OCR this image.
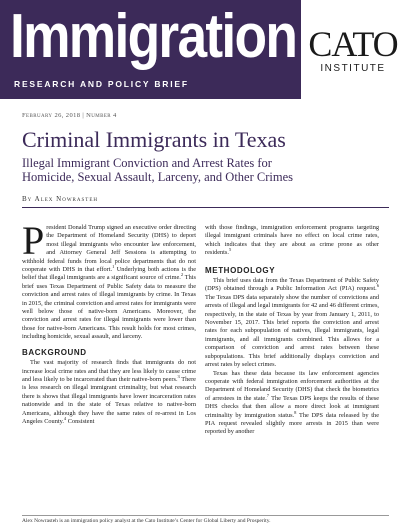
Immigration
RESEARCH AND POLICY BRIEF
CATO
INSTITUTE
February 26, 2018 | Number 4
Criminal Immigrants in Texas
Illegal Immigrant Conviction and Arrest Rates for Homicide, Sexual Assault, Larceny, and Other Crimes
By Alex Nowrasteh

President Donald Trump signed an executive order directing the Department of Homeland Security (DHS) to deport most illegal immigrants who encounter law enforcement, and Attorney General Jeff Sessions is attempting to withhold federal funds from local police departments that do not cooperate with DHS in that effort.$^1$ Underlying both actions is the belief that illegal immigrants are a significant source of crime.$^2$ This brief uses Texas Department of Public Safety data to measure the conviction and arrest rates of illegal immigrants by crime. In Texas in 2015, the criminal conviction and arrest rates for immigrants were well below those of native-born Americans. Moreover, the conviction and arrest rates for illegal immigrants were lower than those for native-born Americans. This result holds for most crimes, including homicide, sexual assault, and larceny.

BACKGROUND

The vast majority of research finds that immigrants do not increase local crime rates and that they are less likely to cause crime and less likely to be incarcerated than their native-born peers.$^3$ There is less research on illegal immigrant criminality, but what research there is shows that illegal immigrants have lower incarceration rates nationwide and in the state of Texas relative to native-born Americans, although they have the same rates of re-arrest in Los Angeles County.$^4$ Consistent

with those findings, immigration enforcement programs targeting illegal immigrant criminals have no effect on local crime rates, which indicates that they are about as crime prone as other residents.$^5$

METHODOLOGY

This brief uses data from the Texas Department of Public Safety (DPS) obtained through a Public Information Act (PIA) request.$^6$ The Texas DPS data separately show the number of convictions and arrests of illegal and legal immigrants for 42 and 46 different crimes, respectively, in the state of Texas by year from January 1, 2011, to November 15, 2017. This brief reports the conviction and arrest rates for each subpopulation of natives, illegal immigrants, legal immigrants, and all immigrants combined. This allows for a comparison of conviction and arrest rates between these subpopulations. This brief additionally displays conviction and arrest rates by select crimes.

Texas has these data because its law enforcement agencies cooperate with federal immigration enforcement authorities at the Department of Homeland Security (DHS) that check the biometrics of arrestees in the state.$^7$ The Texas DPS keeps the results of these DHS checks that then allow a more direct look at immigrant criminality by immigration status.$^8$ The DPS data released by the PIA request revealed slightly more arrests in 2015 than were reported by another

Alex Nowrasteh is an immigration policy analyst at the Cato Institute’s Center for Global Liberty and Prosperity.
